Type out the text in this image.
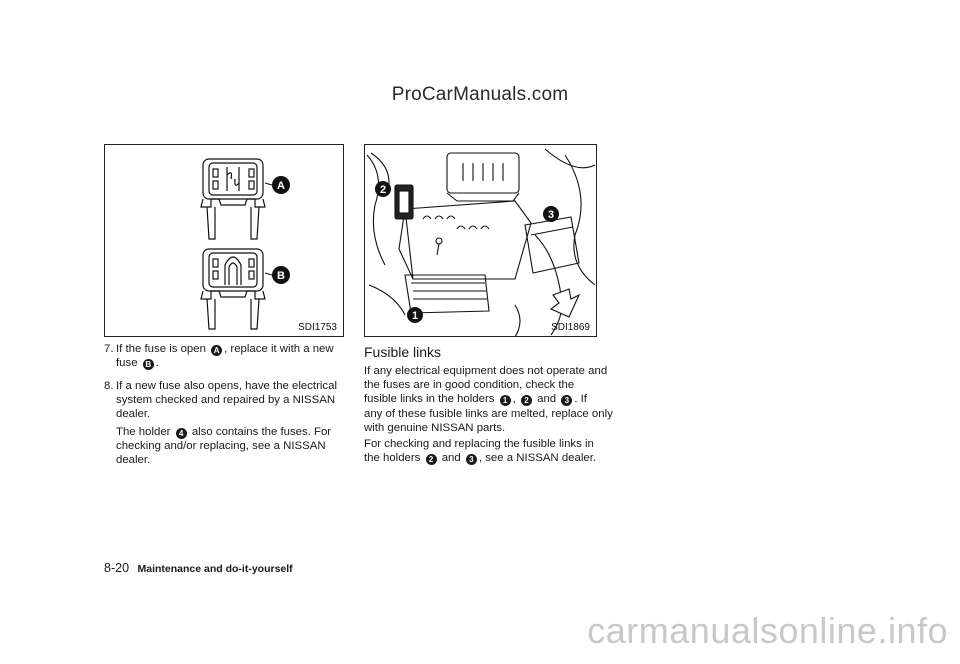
ProCarManuals.com
A
B
SDI1753
2
3
1
SDI1869
7. If the fuse is open A , replace it with a new
fuse B .
8. If a new fuse also opens, have the electrical
system checked and repaired by a NISSAN
dealer.
The holder 4 also contains the fuses. For
checking and/or replacing, see a NISSAN
dealer.
Fusible links
If any electrical equipment does not operate and
the fuses are in good condition, check the
fusible links in the holders 1 , 2 and 3 . If
any of these fusible links are melted, replace only
with genuine NISSAN parts.
For checking and replacing the fusible links in
the holders 2 and 3 , see a NISSAN dealer.
8-20 Maintenance and do-it-yourself
carmanualsonline.info
